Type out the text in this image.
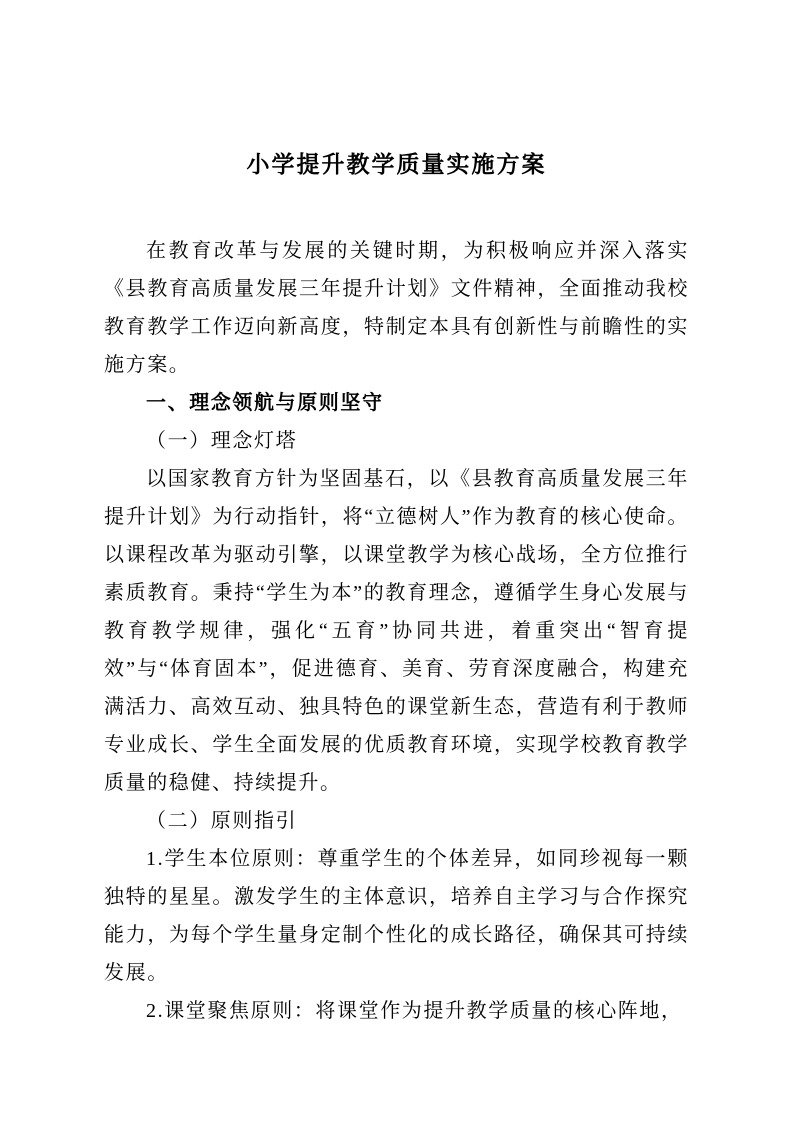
小学提升教学质量实施方案

在教育改革与发展的关键时期，为积极响应并深入落实《县教育高质量发展三年提升计划》文件精神，全面推动我校教育教学工作迈向新高度，特制定本具有创新性与前瞻性的实施方案。

一、理念领航与原则坚守

（一）理念灯塔

以国家教育方针为坚固基石，以《县教育高质量发展三年提升计划》为行动指针，将“立德树人”作为教育的核心使命。以课程改革为驱动引擎，以课堂教学为核心战场，全方位推行素质教育。秉持“学生为本”的教育理念，遵循学生身心发展与教育教学规律，强化“五育”协同共进，着重突出“智育提效”与“体育固本”，促进德育、美育、劳育深度融合，构建充满活力、高效互动、独具特色的课堂新生态，营造有利于教师专业成长、学生全面发展的优质教育环境，实现学校教育教学质量的稳健、持续提升。

（二）原则指引

1.学生本位原则：尊重学生的个体差异，如同珍视每一颗独特的星星。激发学生的主体意识，培养自主学习与合作探究能力，为每个学生量身定制个性化的成长路径，确保其可持续发展。

2.课堂聚焦原则：将课堂作为提升教学质量的核心阵地，
